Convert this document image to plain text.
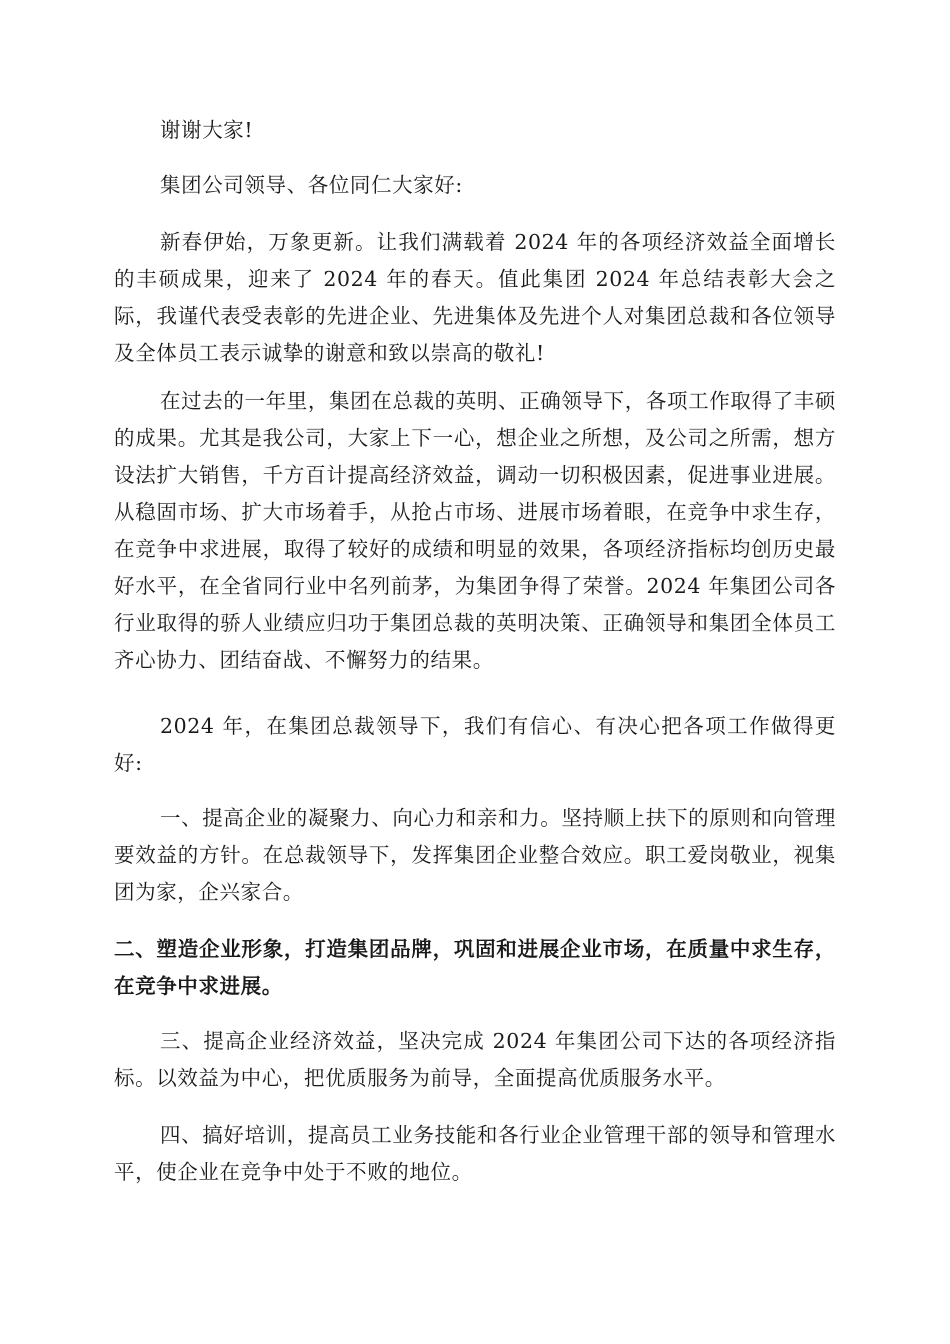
谢谢大家!

集团公司领导、各位同仁大家好:

新春伊始，万象更新。让我们满载着 2024 年的各项经济效益全面增长的丰硕成果，迎来了 2024 年的春天。值此集团 2024 年总结表彰大会之际，我谨代表受表彰的先进企业、先进集体及先进个人对集团总裁和各位领导及全体员工表示诚挚的谢意和致以崇高的敬礼!

在过去的一年里，集团在总裁的英明、正确领导下，各项工作取得了丰硕的成果。尤其是我公司，大家上下一心，想企业之所想，及公司之所需，想方设法扩大销售，千方百计提高经济效益，调动一切积极因素，促进事业进展。从稳固市场、扩大市场着手，从抢占市场、进展市场着眼，在竞争中求生存，在竞争中求进展，取得了较好的成绩和明显的效果，各项经济指标均创历史最好水平，在全省同行业中名列前茅，为集团争得了荣誉。2024 年集团公司各行业取得的骄人业绩应归功于集团总裁的英明决策、正确领导和集团全体员工齐心协力、团结奋战、不懈努力的结果。

2024 年，在集团总裁领导下，我们有信心、有决心把各项工作做得更好:

一、提高企业的凝聚力、向心力和亲和力。坚持顺上扶下的原则和向管理要效益的方针。在总裁领导下，发挥集团企业整合效应。职工爱岗敬业，视集团为家，企兴家合。

二、塑造企业形象，打造集团品牌，巩固和进展企业市场，在质量中求生存，在竞争中求进展。

三、提高企业经济效益，坚决完成 2024 年集团公司下达的各项经济指标。以效益为中心，把优质服务为前导，全面提高优质服务水平。

四、搞好培训，提高员工业务技能和各行业企业管理干部的领导和管理水平，使企业在竞争中处于不败的地位。
